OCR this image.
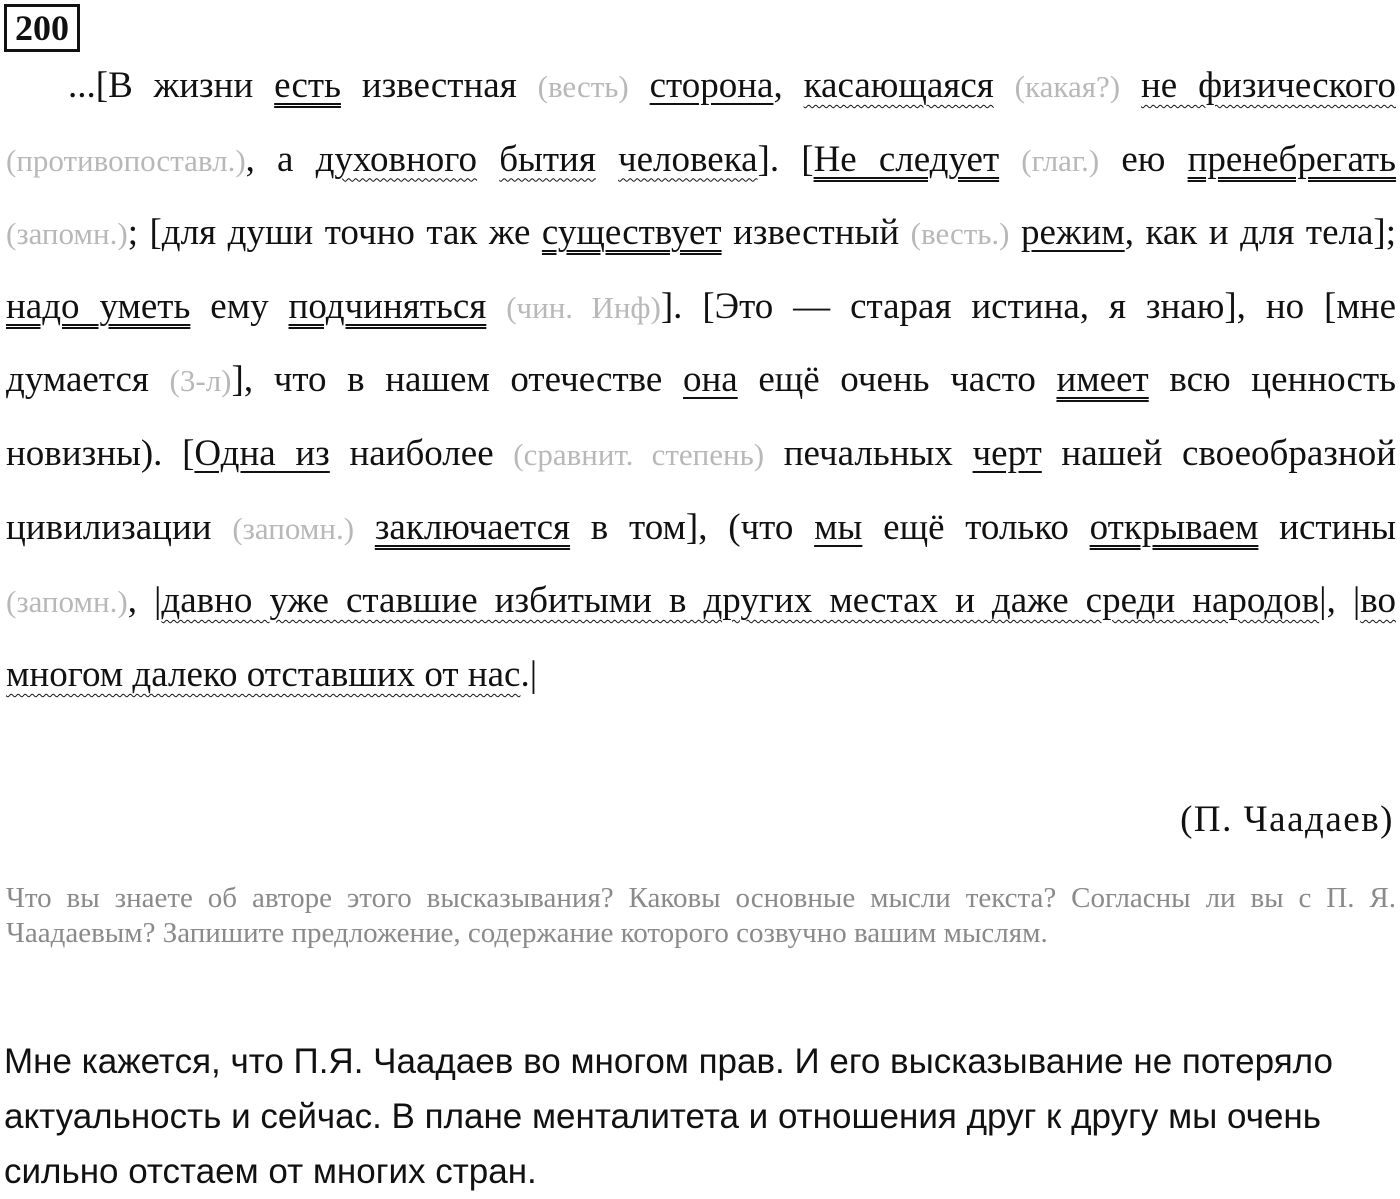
200

...[В жизни есть известная (весть) сторона, касающаяся (какая?) не физического (противопоставл.), а духовного бытия человека]. [Не следует (глаг.) ею пренебрегать (запомн.); [для души точно так же существует известный (весть.) режим, как и для тела]; надо уметь ему подчиняться (чин. Инф)]. [Это — старая истина, я знаю], но [мне думается (3-л)], что в нашем отечестве она ещё очень часто имеет всю ценность новизны). [Одна из наиболее (сравнит. степень) печальных черт нашей своеобразной цивилизации (запомн.) заключается в том], (что мы ещё только открываем истины (запомн.), |давно уже ставшие избитыми в других местах и даже среди народов|, |во многом далеко отставших от нас.|

(П. Чаадаев)
Что вы знаете об авторе этого высказывания? Каковы основные мысли текста? Согласны ли вы с П. Я. Чаадаевым? Запишите предложение, содержание которого созвучно вашим мыслям.
Мне кажется, что П.Я. Чаадаев во многом прав. И его высказывание не потеряло актуальность и сейчас. В плане менталитета и отношения друг к другу мы очень сильно отстаем от многих стран.
